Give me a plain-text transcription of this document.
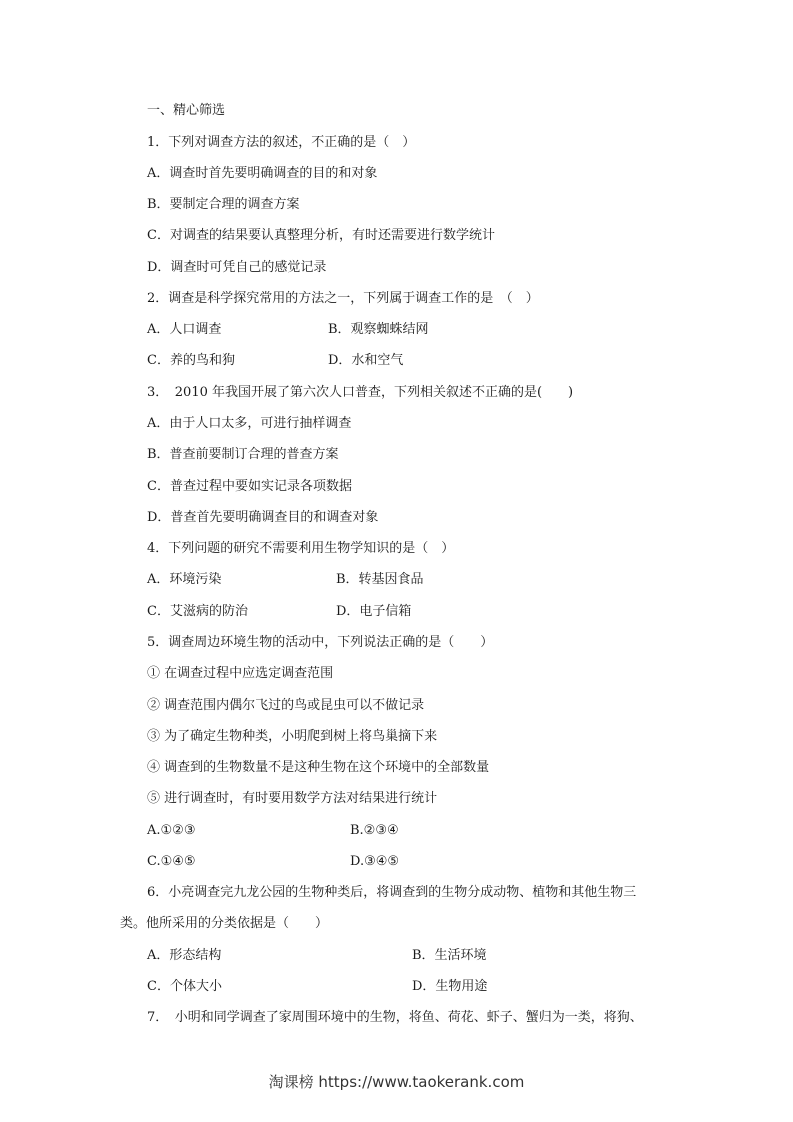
一、精心筛选
1．下列对调查方法的叙述，不正确的是（　）
A．调查时首先要明确调查的目的和对象
B．要制定合理的调查方案
C．对调查的结果要认真整理分析，有时还需要进行数学统计
D．调查时可凭自己的感觉记录
2．调查是科学探究常用的方法之一，下列属于调查工作的是　（　）
A．人口调查	B．观察蜘蛛结网
C．养的鸟和狗	D．水和空气
3．　2010 年我国开展了第六次人口普查，下列相关叙述不正确的是(　　)
A．由于人口太多，可进行抽样调查
B．普查前要制订合理的普查方案
C．普查过程中要如实记录各项数据
D．普查首先要明确调查目的和调查对象
4．下列问题的研究不需要利用生物学知识的是（　）
A．环境污染	B．转基因食品
C．艾滋病的防治	D．电子信箱
5．调查周边环境生物的活动中，下列说法正确的是（　　）
① 在调查过程中应选定调查范围
② 调查范围内偶尔飞过的鸟或昆虫可以不做记录
③ 为了确定生物种类，小明爬到树上将鸟巢摘下来
④ 调查到的生物数量不是这种生物在这个环境中的全部数量
⑤ 进行调查时，有时要用数学方法对结果进行统计
A.①②③	B.②③④
C.①④⑤	D.③④⑤
6．小亮调查完九龙公园的生物种类后，将调查到的生物分成动物、植物和其他生物三
类。他所采用的分类依据是（　　）
A．形态结构	B．生活环境
C．个体大小	D．生物用途
7．　小明和同学调查了家周围环境中的生物，将鱼、荷花、虾子、蟹归为一类，将狗、
淘课榜 https://www.taokerank.com
